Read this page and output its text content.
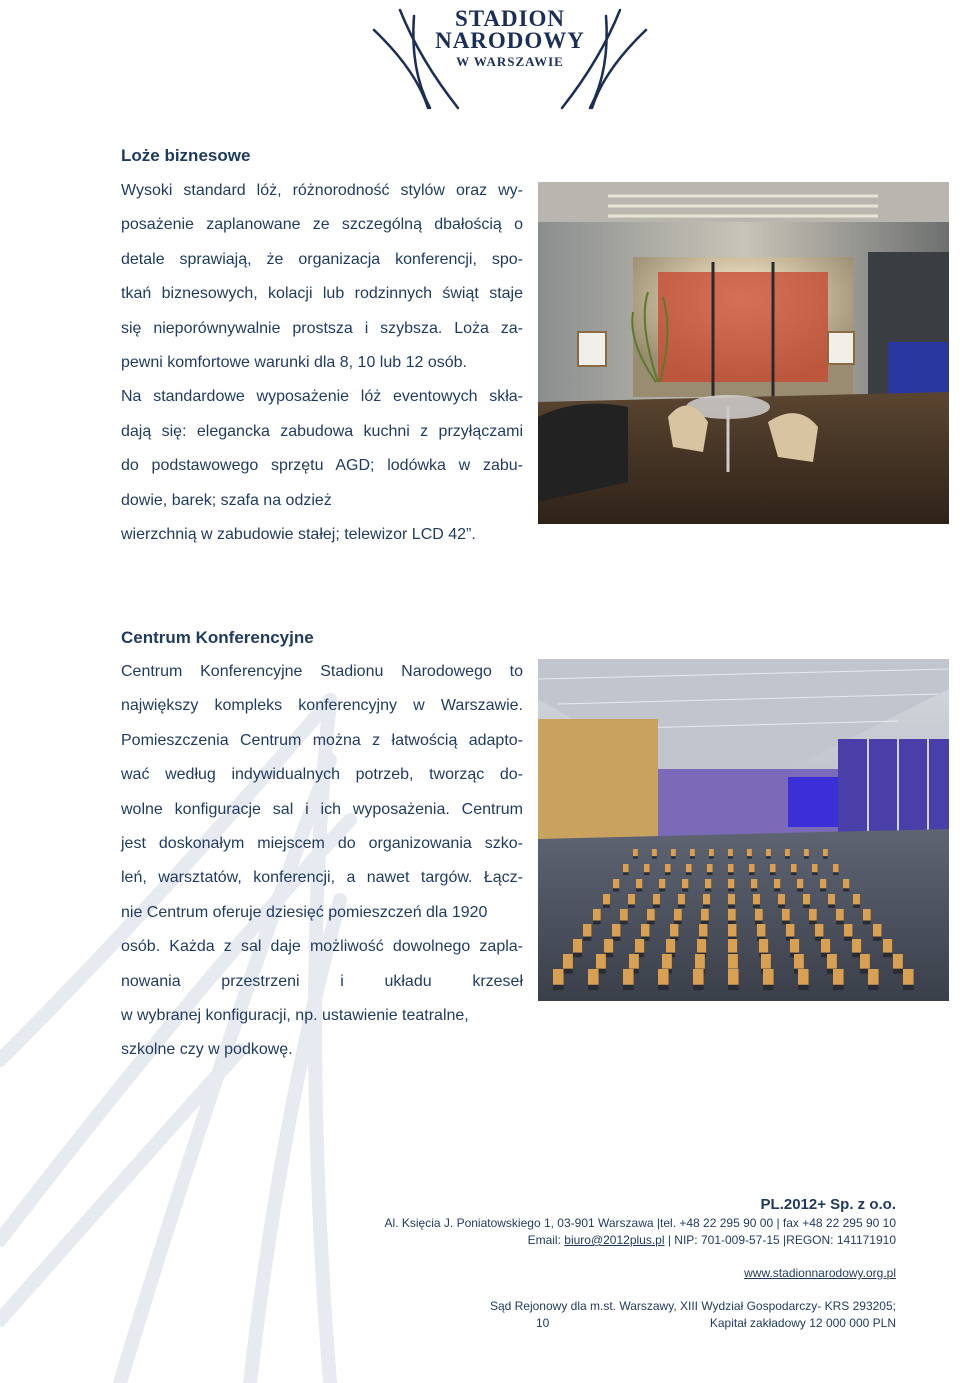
STADION
NARODOWY
W WARSZAWIE
Loże biznesowe
Wysoki standard lóż, różnorodność stylów oraz wy-
posażenie zaplanowane ze szczególną dbałością o
detale sprawiają, że organizacja konferencji, spo-
tkań biznesowych, kolacji lub rodzinnych świąt staje
się nieporównywalnie prostsza i szybsza. Loża za-
pewni komfortowe warunki dla 8, 10 lub 12 osób.
Na standardowe wyposażenie lóż eventowych skła-
dają się: elegancka zabudowa kuchni z przyłączami
do podstawowego sprzętu AGD; lodówka w zabu-
dowie, barek; szafa na odzież
wierzchnią w zabudowie stałej; telewizor LCD 42”.
Centrum Konferencyjne
Centrum Konferencyjne Stadionu Narodowego to
największy kompleks konferencyjny w Warszawie.
Pomieszczenia Centrum można z łatwością adapto-
wać według indywidualnych potrzeb, tworząc do-
wolne konfiguracje sal i ich wyposażenia. Centrum
jest doskonałym miejscem do organizowania szko-
leń, warsztatów, konferencji, a nawet targów. Łącz-
nie Centrum oferuje dziesięć pomieszczeń dla 1920
osób. Każda z sal daje możliwość dowolnego zapla-
nowania przestrzeni i układu krzeseł
w wybranej konfiguracji, np. ustawienie teatralne,
szkolne czy w podkowę.
PL.2012+ Sp. z o.o.
Al. Księcia J. Poniatowskiego 1, 03-901 Warszawa |tel. +48 22 295 90 00 | fax +48 22 295 90 10
Email: biuro@2012plus.pl | NIP: 701-009-57-15 |REGON: 141171910
www.stadionnarodowy.org.pl
Sąd Rejonowy dla m.st. Warszawy, XIII Wydział Gospodarczy- KRS 293205;
Kapitał zakładowy 12 000 000 PLN
10
